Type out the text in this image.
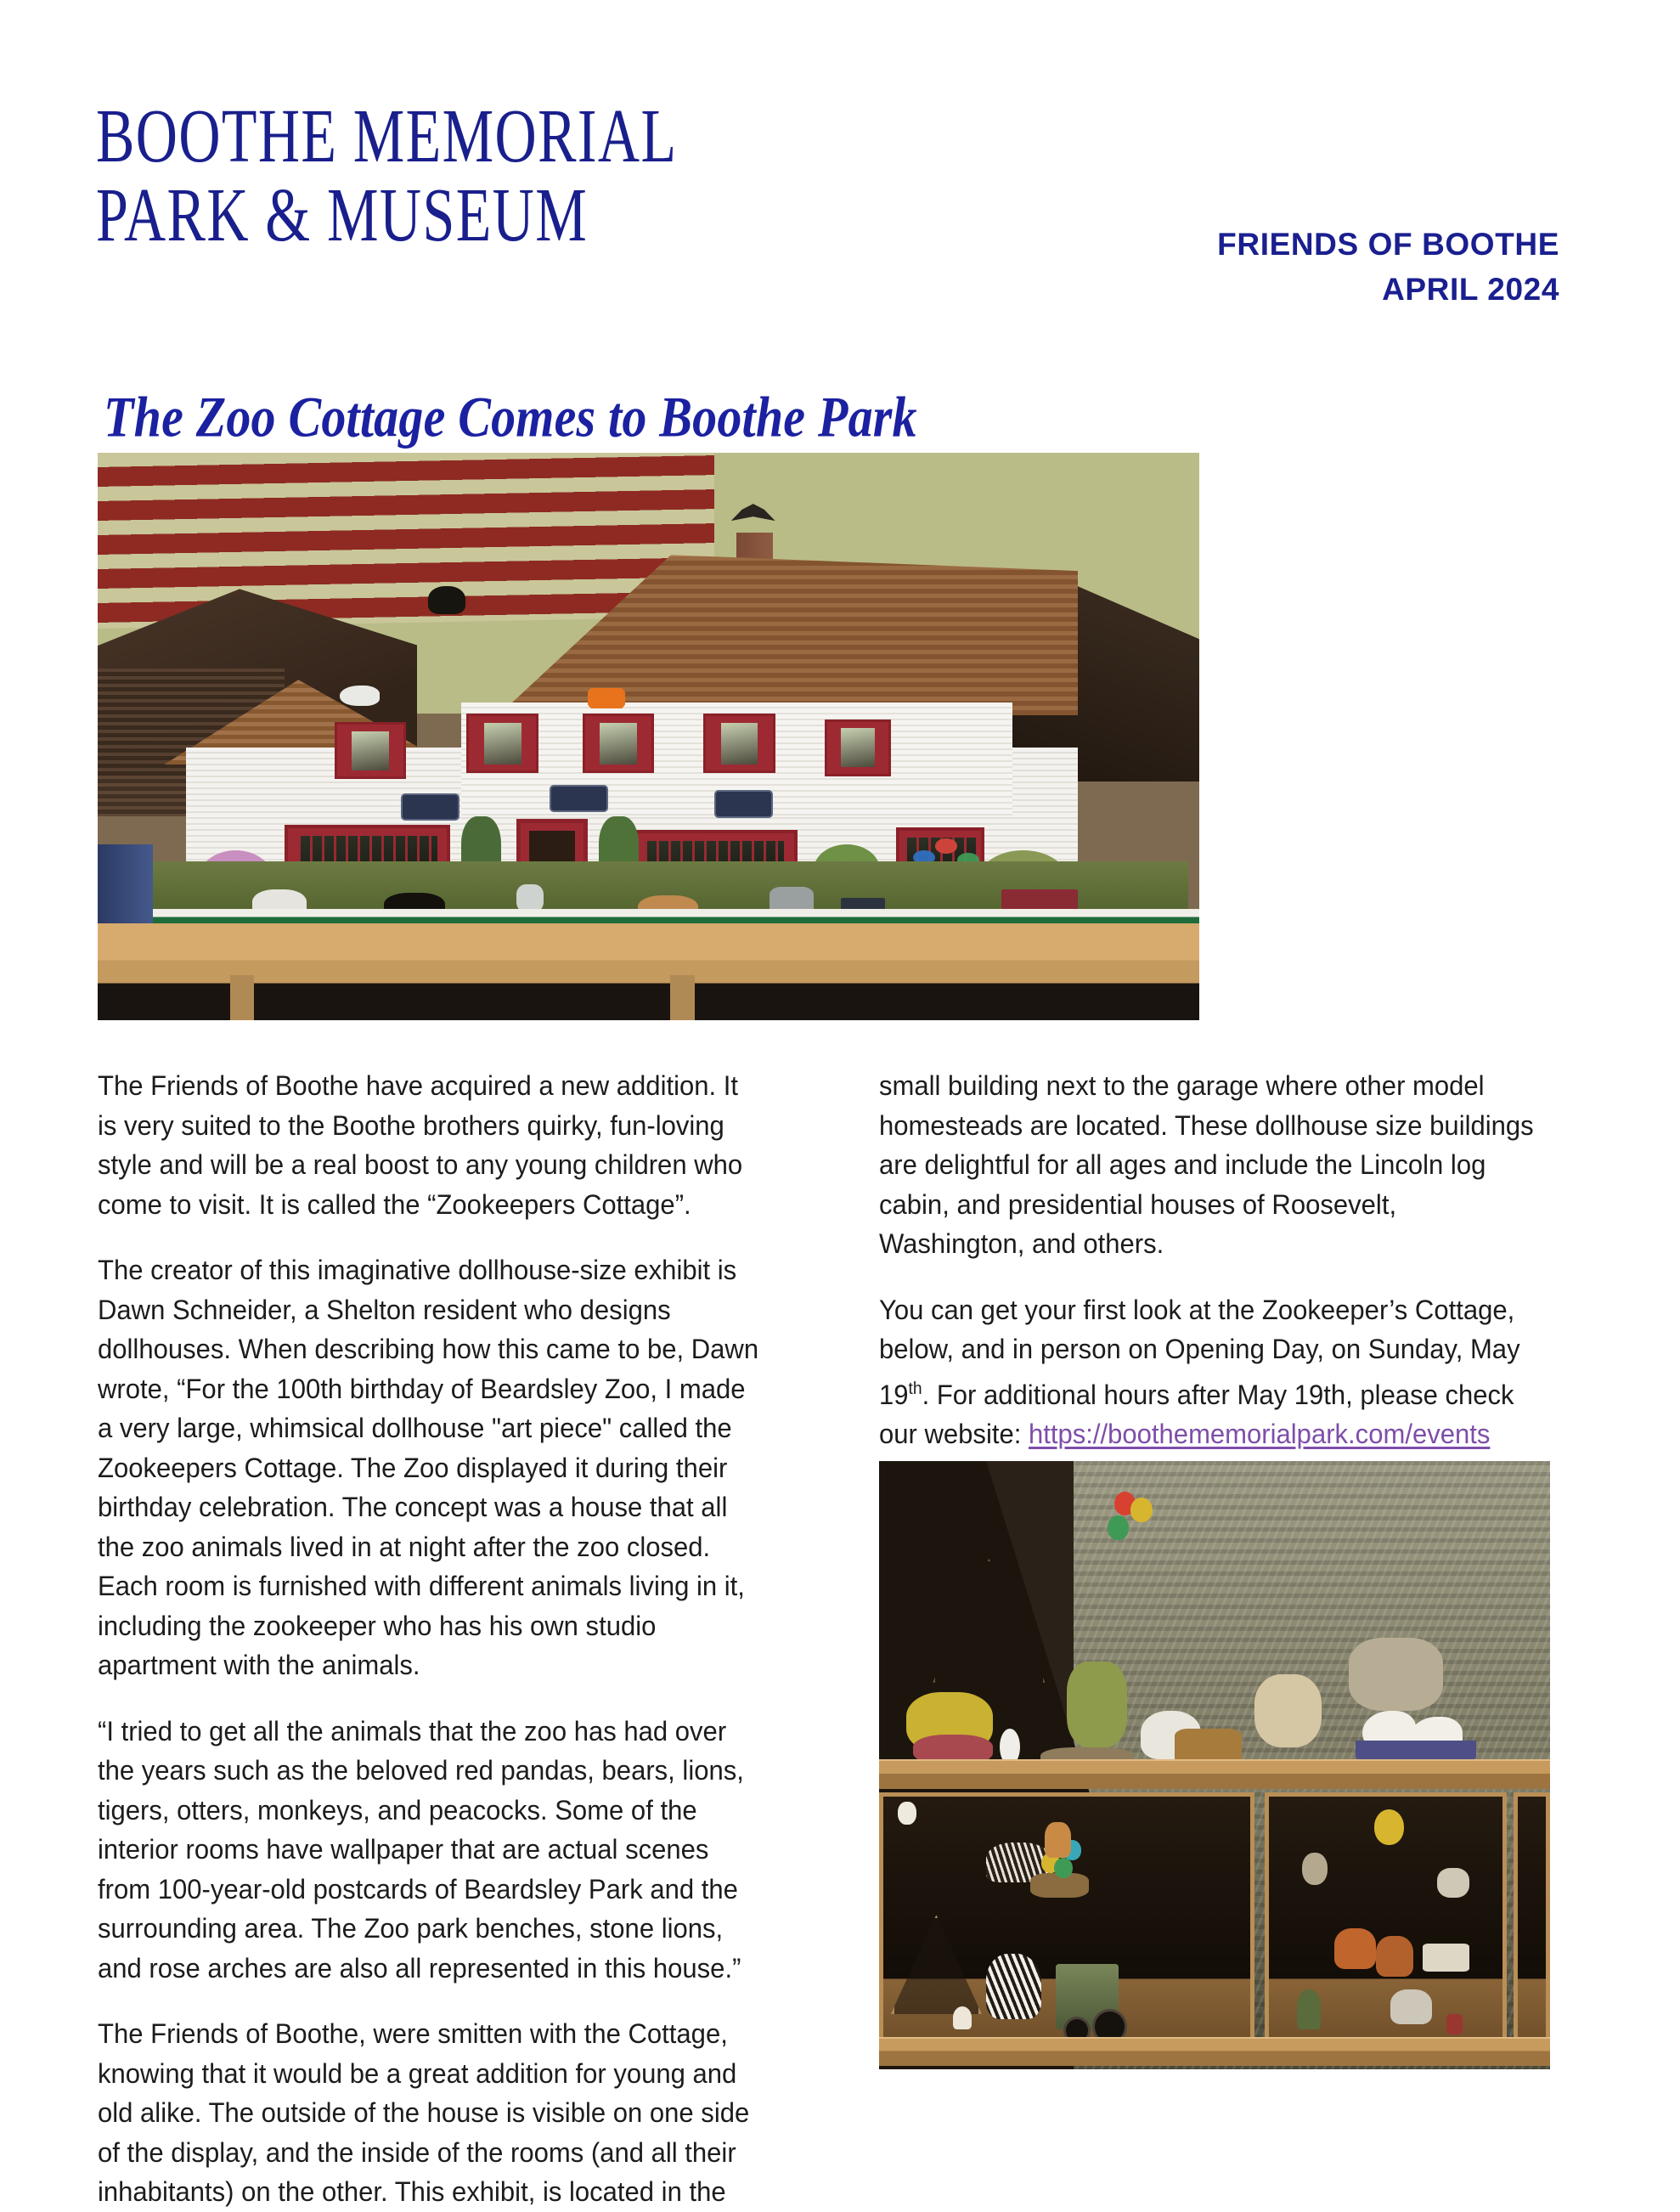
BOOTHE MEMORIAL
PARK & MUSEUM	FRIENDS OF BOOTHE
APRIL 2024
The Zoo Cottage Comes to Boothe Park

The Friends of Boothe have acquired a new addition. It is very suited to the Boothe brothers quirky, fun-loving style and will be a real boost to any young children who come to visit. It is called the “Zookeepers Cottage”.

The creator of this imaginative dollhouse-size exhibit is Dawn Schneider, a Shelton resident who designs dollhouses. When describing how this came to be, Dawn wrote, “For the 100th birthday of Beardsley Zoo, I made a very large, whimsical dollhouse "art piece" called the Zookeepers Cottage. The Zoo displayed it during their birthday celebration. The concept was a house that all the zoo animals lived in at night after the zoo closed. Each room is furnished with different animals living in it, including the zookeeper who has his own studio apartment with the animals.

“I tried to get all the animals that the zoo has had over the years such as the beloved red pandas, bears, lions, tigers, otters, monkeys, and peacocks. Some of the interior rooms have wallpaper that are actual scenes from 100-year-old postcards of Beardsley Park and the surrounding area. The Zoo park benches, stone lions, and rose arches are also all represented in this house.”

The Friends of Boothe, were smitten with the Cottage, knowing that it would be a great addition for young and old alike. The outside of the house is visible on one side of the display, and the inside of the rooms (and all their inhabitants) on the other. This exhibit, is located in the

small building next to the garage where other model homesteads are located. These dollhouse size buildings are delightful for all ages and include the Lincoln log cabin, and presidential houses of Roosevelt, Washington, and others.

You can get your first look at the Zookeeper’s Cottage, below, and in person on Opening Day, on Sunday, May 19th. For additional hours after May 19th, please check our website: https://boothememorialpark.com/events
